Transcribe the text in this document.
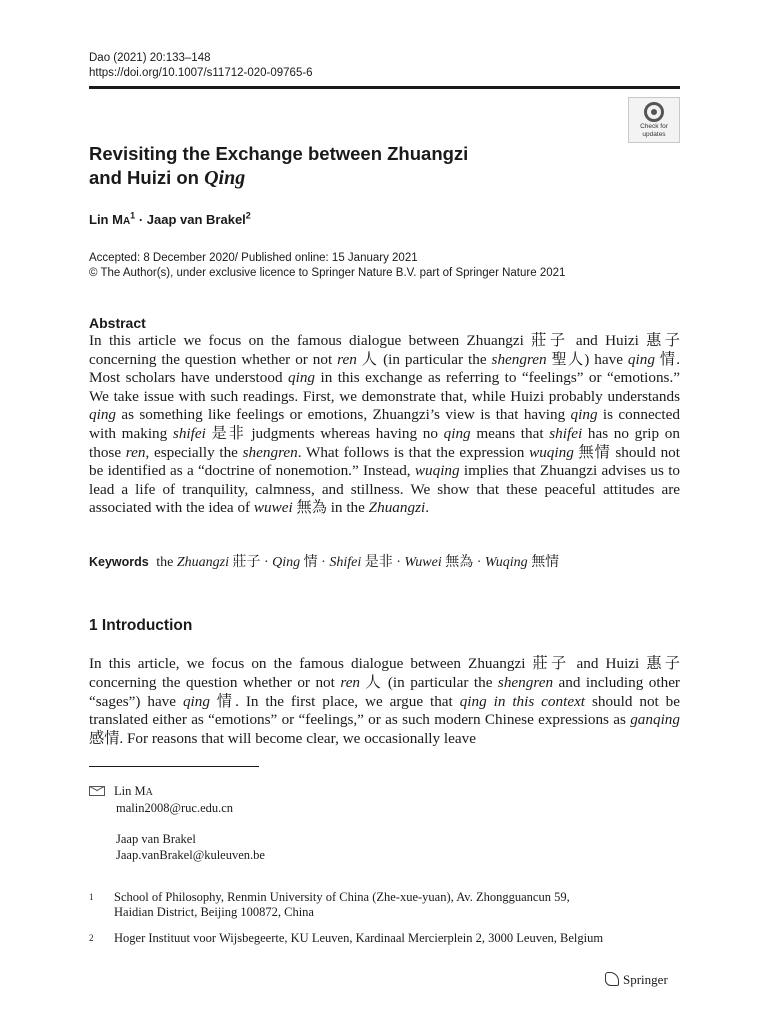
Dao (2021) 20:133–148
https://doi.org/10.1007/s11712-020-09765-6
Check for
updates
Revisiting the Exchange between Zhuangzi
and Huizi on Qing
Lin $MA^1$ · Jaap van Brakel$^2$
Accepted: 8 December 2020/ Published online: 15 January 2021
© The Author(s), under exclusive licence to Springer Nature B.V. part of Springer Nature 2021
Abstract
In this article we focus on the famous dialogue between Zhuangzi 莊子 and Huizi 惠子 concerning the question whether or not ren 人 (in particular the shengren 聖人) have qing 情. Most scholars have understood qing in this exchange as referring to “feelings” or “emotions.” We take issue with such readings. First, we demonstrate that, while Huizi probably understands qing as something like feelings or emotions, Zhuangzi’s view is that having qing is connected with making shifei 是非 judgments whereas having no qing means that shifei has no grip on those ren, especially the shengren. What follows is that the expression wuqing 無情 should not be identified as a “doctrine of nonemotion.” Instead, wuqing implies that Zhuangzi advises us to lead a life of tranquility, calmness, and stillness. We show that these peaceful attitudes are associated with the idea of wuwei 無為 in the Zhuangzi.
Keywords the Zhuangzi 莊子 · Qing 情 · Shifei 是非 · Wuwei 無為 · Wuqing 無情
1 Introduction
In this article, we focus on the famous dialogue between Zhuangzi 莊子 and Huizi 惠子 concerning the question whether or not ren 人 (in particular the shengren and including other “sages”) have qing 情. In the first place, we argue that qing in this context should not be translated either as “emotions” or “feelings,” or as such modern Chinese expressions as ganqing 感情. For reasons that will become clear, we occasionally leave
Lin MA
malin2008@ruc.edu.cn
Jaap van Brakel
Jaap.vanBrakel@kuleuven.be
1 School of Philosophy, Renmin University of China (Zhe-xue-yuan), Av. Zhongguancun 59,
Haidian District, Beijing 100872, China
2 Hoger Instituut voor Wijsbegeerte, KU Leuven, Kardinaal Mercierplein 2, 3000 Leuven, Belgium
Springer
